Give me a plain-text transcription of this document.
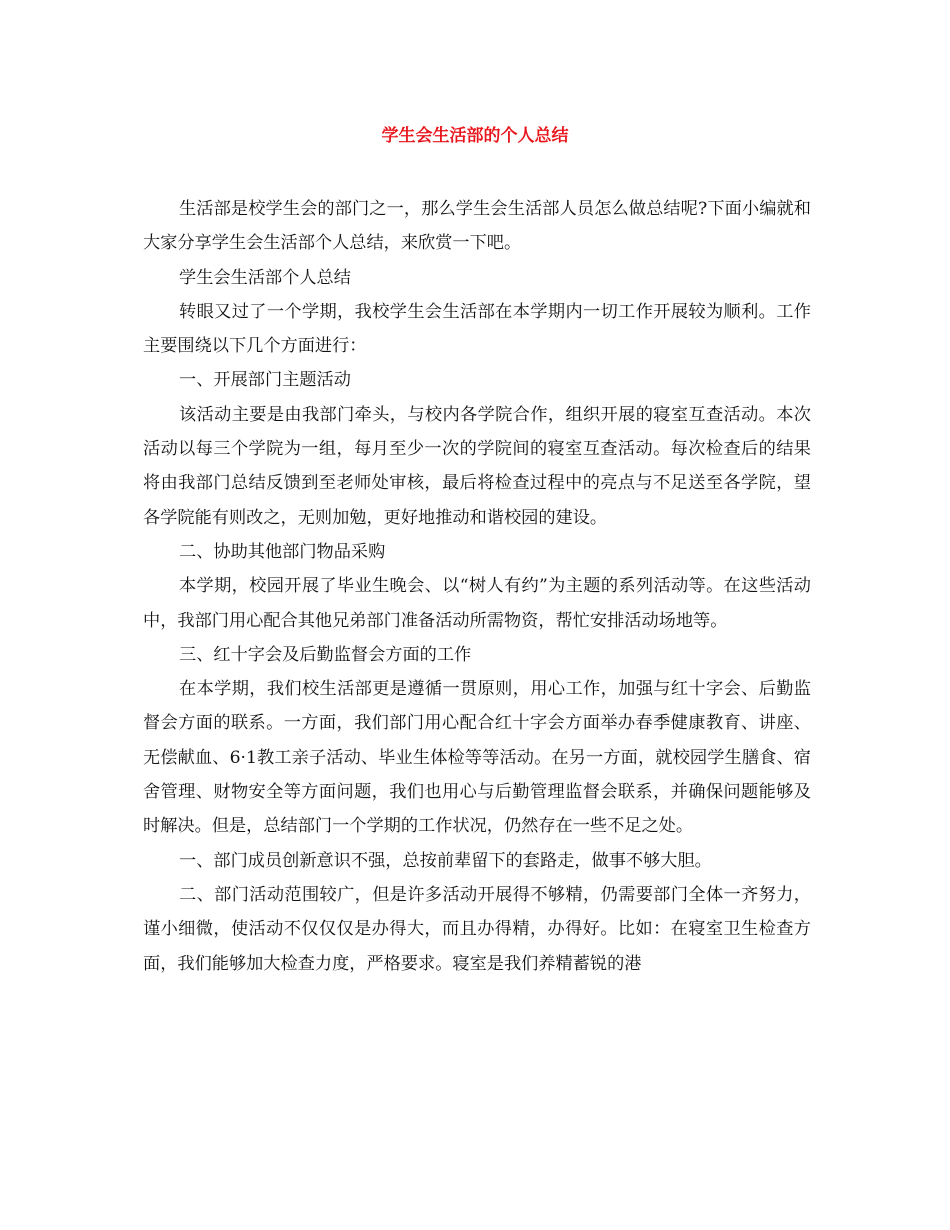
学生会生活部的个人总结

生活部是校学生会的部门之一，那么学生会生活部人员怎么做总结呢?下面小编就和大家分享学生会生活部个人总结，来欣赏一下吧。

学生会生活部个人总结

转眼又过了一个学期，我校学生会生活部在本学期内一切工作开展较为顺利。工作主要围绕以下几个方面进行：

一、开展部门主题活动

该活动主要是由我部门牵头，与校内各学院合作，组织开展的寝室互查活动。本次活动以每三个学院为一组，每月至少一次的学院间的寝室互查活动。每次检查后的结果将由我部门总结反馈到至老师处审核，最后将检查过程中的亮点与不足送至各学院，望各学院能有则改之，无则加勉，更好地推动和谐校园的建设。

二、协助其他部门物品采购

本学期，校园开展了毕业生晚会、以“树人有约”为主题的系列活动等。在这些活动中，我部门用心配合其他兄弟部门准备活动所需物资，帮忙安排活动场地等。

三、红十字会及后勤监督会方面的工作

在本学期，我们校生活部更是遵循一贯原则，用心工作，加强与红十字会、后勤监督会方面的联系。一方面，我们部门用心配合红十字会方面举办春季健康教育、讲座、无偿献血、6·1教工亲子活动、毕业生体检等等活动。在另一方面，就校园学生膳食、宿舍管理、财物安全等方面问题，我们也用心与后勤管理监督会联系，并确保问题能够及时解决。但是，总结部门一个学期的工作状况，仍然存在一些不足之处。

一、部门成员创新意识不强，总按前辈留下的套路走，做事不够大胆。

二、部门活动范围较广，但是许多活动开展得不够精，仍需要部门全体一齐努力，谨小细微，使活动不仅仅仅是办得大，而且办得精，办得好。比如：在寝室卫生检查方面，我们能够加大检查力度，严格要求。寝室是我们养精蓄锐的港
